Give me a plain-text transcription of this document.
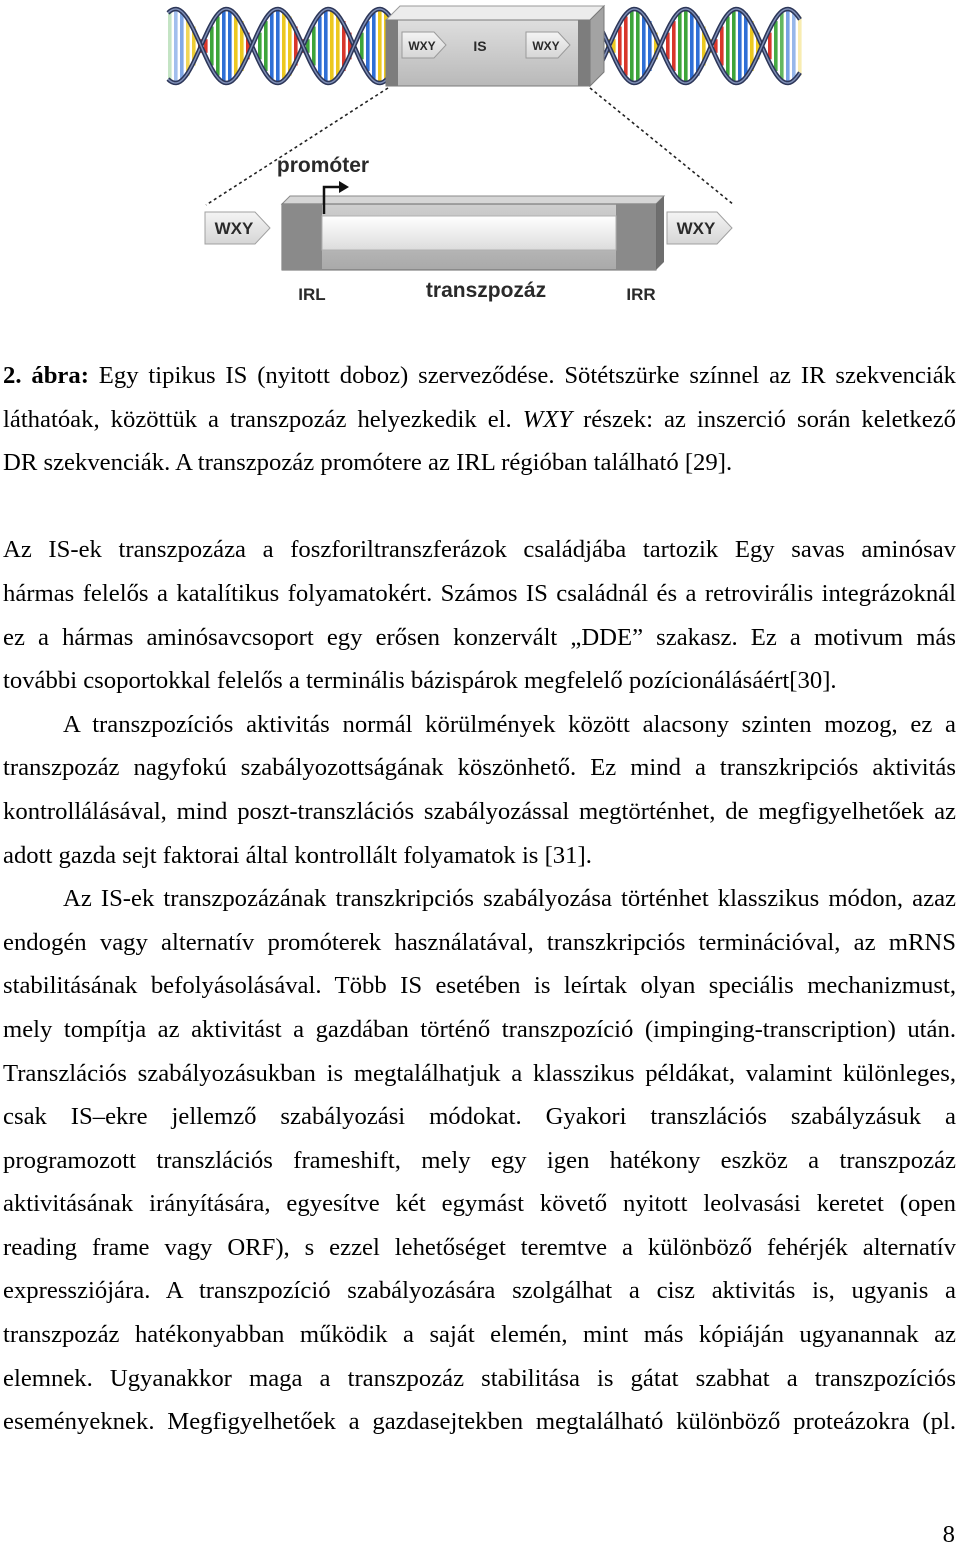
WXY	IS	WXY
WXY	WXY
promóter
IRL	transzpozáz	IRR
2. ábra: Egy tipikus IS (nyitott doboz) szerveződése. Sötétszürke színnel az IR szekvenciák
láthatóak, közöttük a transzpozáz helyezkedik el. WXY részek: az inszerció során keletkező
DR szekvenciák. A transzpozáz promótere az IRL régióban található [29].
Az IS-ek transzpozáza a foszforiltranszferázok családjába tartozik Egy savas aminósav
hármas felelős a katalítikus folyamatokért. Számos IS családnál és a retrovirális integrázoknál
ez a hármas aminósavcsoport egy erősen konzervált „DDE” szakasz. Ez a motivum más
további csoportokkal felelős a terminális bázispárok megfelelő pozícionálásáért[30].
A transzpozíciós aktivitás normál körülmények között alacsony szinten mozog, ez a
transzpozáz nagyfokú szabályozottságának köszönhető. Ez mind a transzkripciós aktivitás
kontrollálásával, mind poszt-transzlációs szabályozással megtörténhet, de megfigyelhetőek az
adott gazda sejt faktorai által kontrollált folyamatok is [31].
Az IS-ek transzpozázának transzkripciós szabályozása történhet klasszikus módon, azaz
endogén vagy alternatív promóterek használatával, transzkripciós terminációval, az mRNS
stabilitásának befolyásolásával. Több IS esetében is leírtak olyan speciális mechanizmust,
mely tompítja az aktivitást a gazdában történő transzpozíció (impinging-transcription) után.
Transzlációs szabályozásukban is megtalálhatjuk a klasszikus példákat, valamint különleges,
csak IS–ekre jellemző szabályozási módokat. Gyakori transzlációs szabályzásuk a
programozott transzlációs frameshift, mely egy igen hatékony eszköz a transzpozáz
aktivitásának irányítására, egyesítve két egymást követő nyitott leolvasási keretet (open
reading frame vagy ORF), s ezzel lehetőséget teremtve a különböző fehérjék alternatív
expressziójára. A transzpozíció szabályozására szolgálhat a cisz aktivitás is, ugyanis a
transzpozáz hatékonyabban működik a saját elemén, mint más kópiáján ugyanannak az
elemnek. Ugyanakkor maga a transzpozáz stabilitása is gátat szabhat a transzpozíciós
eseményeknek. Megfigyelhetőek a gazdasejtekben megtalálható különböző proteázokra (pl.
8
